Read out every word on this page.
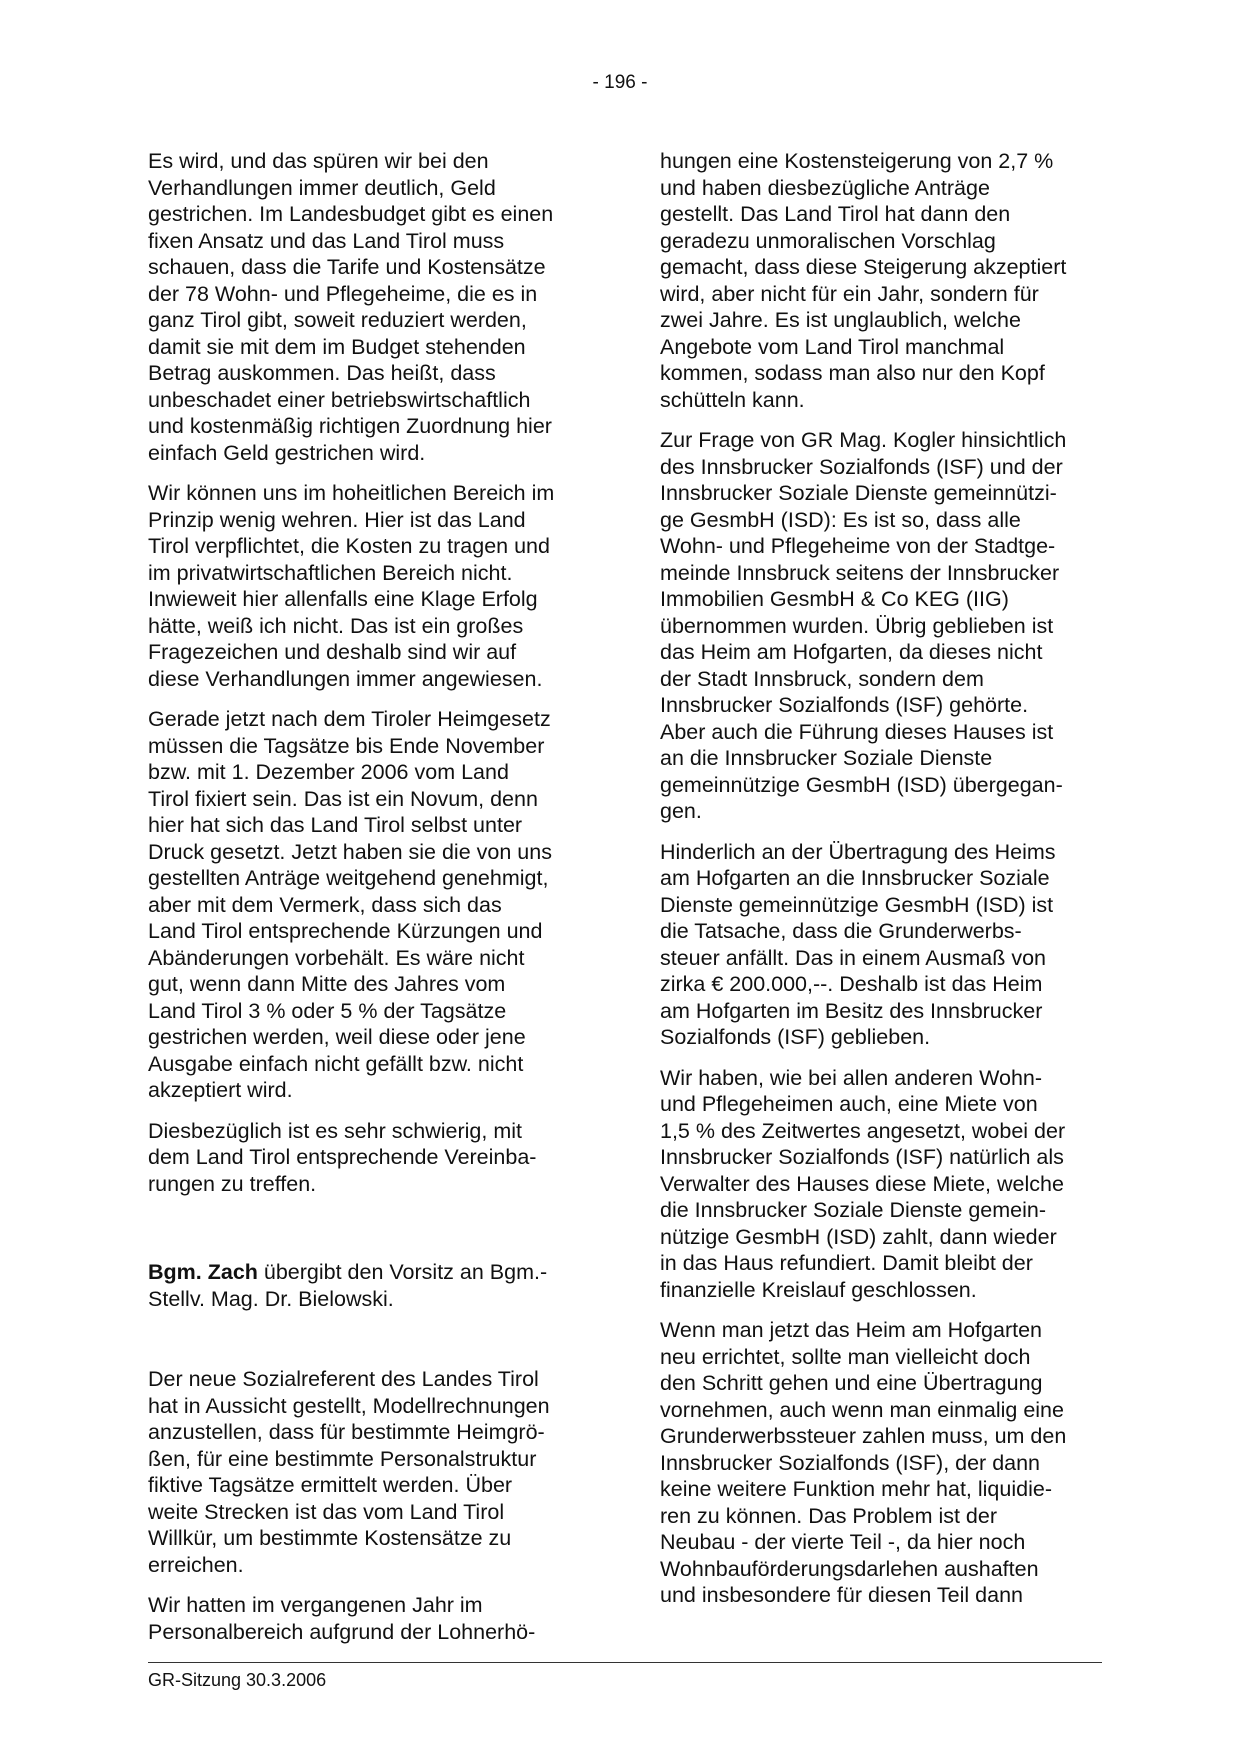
- 196 -

Es wird, und das spüren wir bei den
Verhandlungen immer deutlich, Geld
gestrichen. Im Landesbudget gibt es einen
fixen Ansatz und das Land Tirol muss
schauen, dass die Tarife und Kostensätze
der 78 Wohn- und Pflegeheime, die es in
ganz Tirol gibt, soweit reduziert werden,
damit sie mit dem im Budget stehenden
Betrag auskommen. Das heißt, dass
unbeschadet einer betriebswirtschaftlich
und kostenmäßig richtigen Zuordnung hier
einfach Geld gestrichen wird.

Wir können uns im hoheitlichen Bereich im
Prinzip wenig wehren. Hier ist das Land
Tirol verpflichtet, die Kosten zu tragen und
im privatwirtschaftlichen Bereich nicht.
Inwieweit hier allenfalls eine Klage Erfolg
hätte, weiß ich nicht. Das ist ein großes
Fragezeichen und deshalb sind wir auf
diese Verhandlungen immer angewiesen.

Gerade jetzt nach dem Tiroler Heimgesetz
müssen die Tagsätze bis Ende November
bzw. mit 1. Dezember 2006 vom Land
Tirol fixiert sein. Das ist ein Novum, denn
hier hat sich das Land Tirol selbst unter
Druck gesetzt. Jetzt haben sie die von uns
gestellten Anträge weitgehend genehmigt,
aber mit dem Vermerk, dass sich das
Land Tirol entsprechende Kürzungen und
Abänderungen vorbehält. Es wäre nicht
gut, wenn dann Mitte des Jahres vom
Land Tirol 3 % oder 5 % der Tagsätze
gestrichen werden, weil diese oder jene
Ausgabe einfach nicht gefällt bzw. nicht
akzeptiert wird.

Diesbezüglich ist es sehr schwierig, mit
dem Land Tirol entsprechende Vereinba-
rungen zu treffen.

Bgm. Zach übergibt den Vorsitz an Bgm.-
Stellv. Mag. Dr. Bielowski.

Der neue Sozialreferent des Landes Tirol
hat in Aussicht gestellt, Modellrechnungen
anzustellen, dass für bestimmte Heimgrö-
ßen, für eine bestimmte Personalstruktur
fiktive Tagsätze ermittelt werden. Über
weite Strecken ist das vom Land Tirol
Willkür, um bestimmte Kostensätze zu
erreichen.

Wir hatten im vergangenen Jahr im
Personalbereich aufgrund der Lohnerhö-

hungen eine Kostensteigerung von 2,7 %
und haben diesbezügliche Anträge
gestellt. Das Land Tirol hat dann den
geradezu unmoralischen Vorschlag
gemacht, dass diese Steigerung akzeptiert
wird, aber nicht für ein Jahr, sondern für
zwei Jahre. Es ist unglaublich, welche
Angebote vom Land Tirol manchmal
kommen, sodass man also nur den Kopf
schütteln kann.

Zur Frage von GR Mag. Kogler hinsichtlich
des Innsbrucker Sozialfonds (ISF) und der
Innsbrucker Soziale Dienste gemeinnützi-
ge GesmbH (ISD): Es ist so, dass alle
Wohn- und Pflegeheime von der Stadtge-
meinde Innsbruck seitens der Innsbrucker
Immobilien GesmbH & Co KEG (IIG)
übernommen wurden. Übrig geblieben ist
das Heim am Hofgarten, da dieses nicht
der Stadt Innsbruck, sondern dem
Innsbrucker Sozialfonds (ISF) gehörte.
Aber auch die Führung dieses Hauses ist
an die Innsbrucker Soziale Dienste
gemeinnützige GesmbH (ISD) übergegan-
gen.

Hinderlich an der Übertragung des Heims
am Hofgarten an die Innsbrucker Soziale
Dienste gemeinnützige GesmbH (ISD) ist
die Tatsache, dass die Grunderwerbs-
steuer anfällt. Das in einem Ausmaß von
zirka € 200.000,--. Deshalb ist das Heim
am Hofgarten im Besitz des Innsbrucker
Sozialfonds (ISF) geblieben.

Wir haben, wie bei allen anderen Wohn-
und Pflegeheimen auch, eine Miete von
1,5 % des Zeitwertes angesetzt, wobei der
Innsbrucker Sozialfonds (ISF) natürlich als
Verwalter des Hauses diese Miete, welche
die Innsbrucker Soziale Dienste gemein-
nützige GesmbH (ISD) zahlt, dann wieder
in das Haus refundiert. Damit bleibt der
finanzielle Kreislauf geschlossen.

Wenn man jetzt das Heim am Hofgarten
neu errichtet, sollte man vielleicht doch
den Schritt gehen und eine Übertragung
vornehmen, auch wenn man einmalig eine
Grunderwerbssteuer zahlen muss, um den
Innsbrucker Sozialfonds (ISF), der dann
keine weitere Funktion mehr hat, liquidie-
ren zu können. Das Problem ist der
Neubau - der vierte Teil -, da hier noch
Wohnbauförderungsdarlehen aushaften
und insbesondere für diesen Teil dann

GR-Sitzung 30.3.2006
